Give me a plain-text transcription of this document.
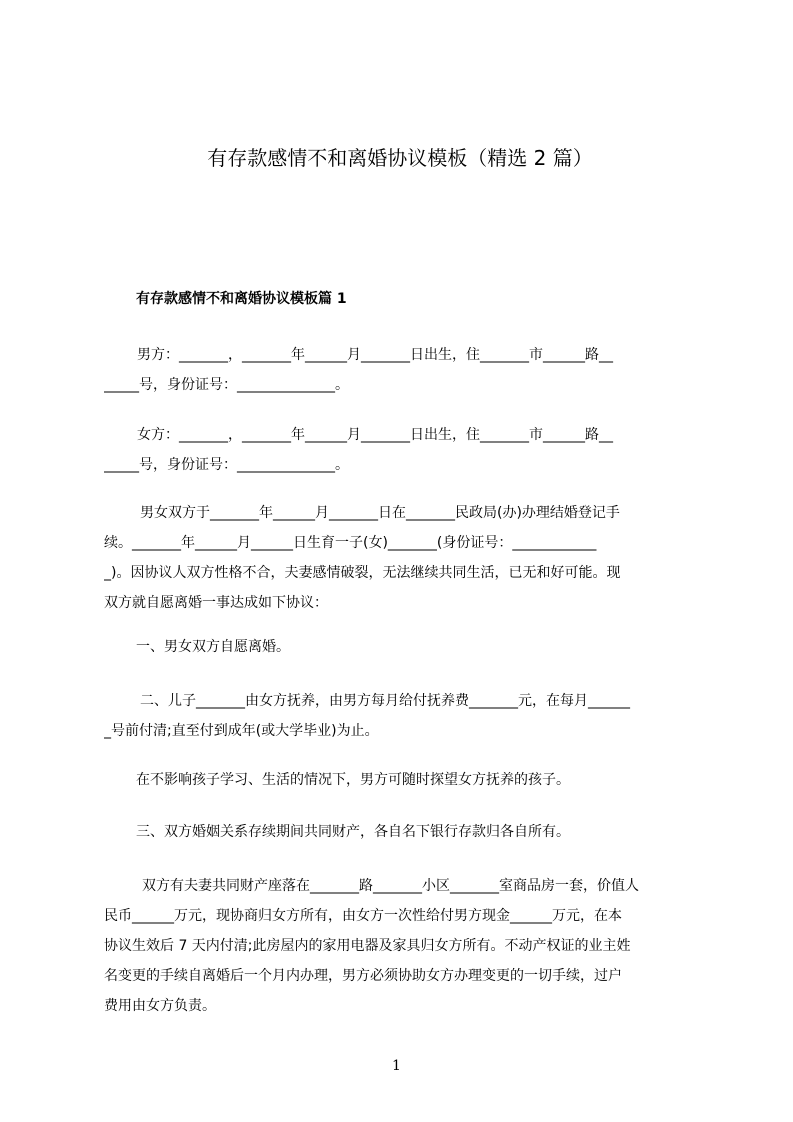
有存款感情不和离婚协议模板（精选 2 篇）
有存款感情不和离婚协议模板篇 1
男方：_______，_______年______月_______日出生，住_______市______路__
_____号，身份证号：______________。
女方：_______，_______年______月_______日出生，住_______市______路__
_____号，身份证号：______________。
男女双方于_______年______月_______日在_______民政局(办)办理结婚登记手
续。_______年______月______日生育一子(女)_______(身份证号：____________
_)。因协议人双方性格不合，夫妻感情破裂，无法继续共同生活，已无和好可能。现
双方就自愿离婚一事达成如下协议：
一、男女双方自愿离婚。
二、儿子_______由女方抚养，由男方每月给付抚养费_______元，在每月______
_号前付清;直至付到成年(或大学毕业)为止。
在不影响孩子学习、生活的情况下，男方可随时探望女方抚养的孩子。
三、双方婚姻关系存续期间共同财产，各自名下银行存款归各自所有。
双方有夫妻共同财产座落在_______路_______小区_______室商品房一套，价值人
民币______万元，现协商归女方所有，由女方一次性给付男方现金______万元，在本
协议生效后 7 天内付清;此房屋内的家用电器及家具归女方所有。不动产权证的业主姓
名变更的手续自离婚后一个月内办理，男方必须协助女方办理变更的一切手续，过户
费用由女方负责。
1
